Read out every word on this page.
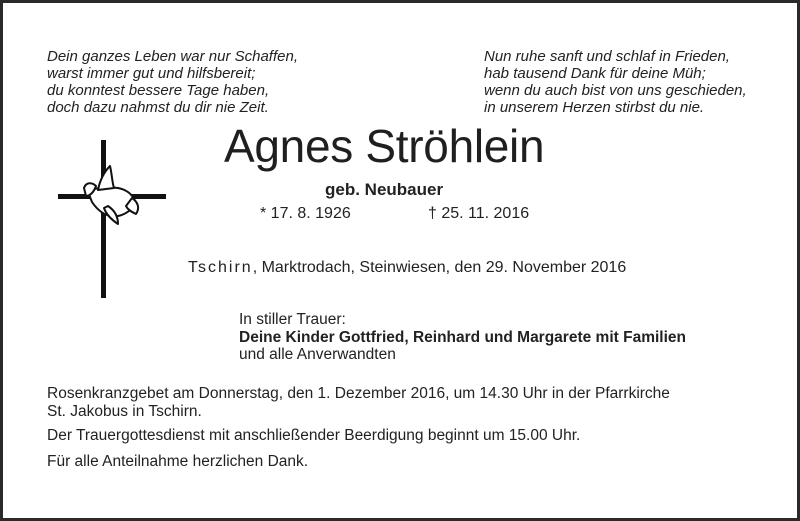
Dein ganzes Leben war nur Schaffen,
warst immer gut und hilfsbereit;
du konntest bessere Tage haben,
doch dazu nahmst du dir nie Zeit.
Nun ruhe sanft und schlaf in Frieden,
hab tausend Dank für deine Müh;
wenn du auch bist von uns geschieden,
in unserem Herzen stirbst du nie.
Agnes Ströhlein
geb. Neubauer
* 17. 8. 1926	† 25. 11. 2016
Tschirn, Marktrodach, Steinwiesen, den 29. November 2016
In stiller Trauer:
Deine Kinder Gottfried, Reinhard und Margarete mit Familien
und alle Anverwandten
Rosenkranzgebet am Donnerstag, den 1. Dezember 2016, um 14.30 Uhr in der Pfarrkirche
St. Jakobus in Tschirn.
Der Trauergottesdienst mit anschließender Beerdigung beginnt um 15.00 Uhr.
Für alle Anteilnahme herzlichen Dank.
